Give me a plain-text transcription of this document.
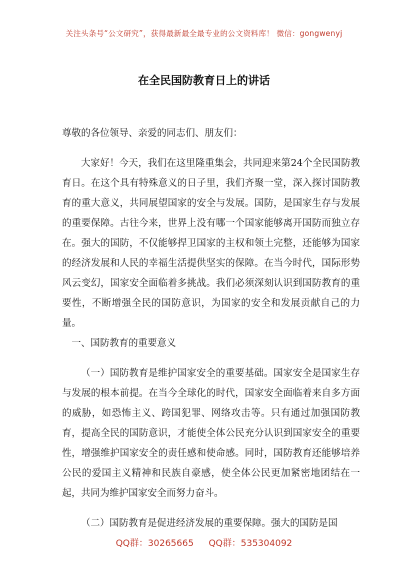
关注头条号“公文研究”，获得最新最全最专业的公文资料库！ 微信：gongwenyj
在全民国防教育日上的讲话

尊敬的各位领导、亲爱的同志们、朋友们：

大家好！今天，我们在这里隆重集会，共同迎来第24个全民国防教育日。在这个具有特殊意义的日子里，我们齐聚一堂，深入探讨国防教育的重大意义，共同展望国家的安全与发展。国防，是国家生存与发展的重要保障。古往今来，世界上没有哪一个国家能够离开国防而独立存在。强大的国防，不仅能够捍卫国家的主权和领土完整，还能够为国家的经济发展和人民的幸福生活提供坚实的保障。在当今时代，国际形势风云变幻，国家安全面临着多挑战。我们必须深刻认识到国防教育的重要性，不断增强全民的国防意识，为国家的安全和发展贡献自己的力量。

一、国防教育的重要意义

（一）国防教育是维护国家安全的重要基础。国家安全是国家生存与发展的根本前提。在当今全球化的时代，国家安全面临着来自多方面的威胁，如恐怖主义、跨国犯罪、网络攻击等。只有通过加强国防教育，提高全民的国防意识，才能使全体公民充分认识到国家安全的重要性，增强维护国家安全的责任感和使命感。同时，国防教育还能够培养公民的爱国主义精神和民族自豪感，使全体公民更加紧密地团结在一起，共同为维护国家安全而努力奋斗。

（二）国防教育是促进经济发展的重要保障。强大的国防是国

QQ群：30265665 QQ群：535304092
